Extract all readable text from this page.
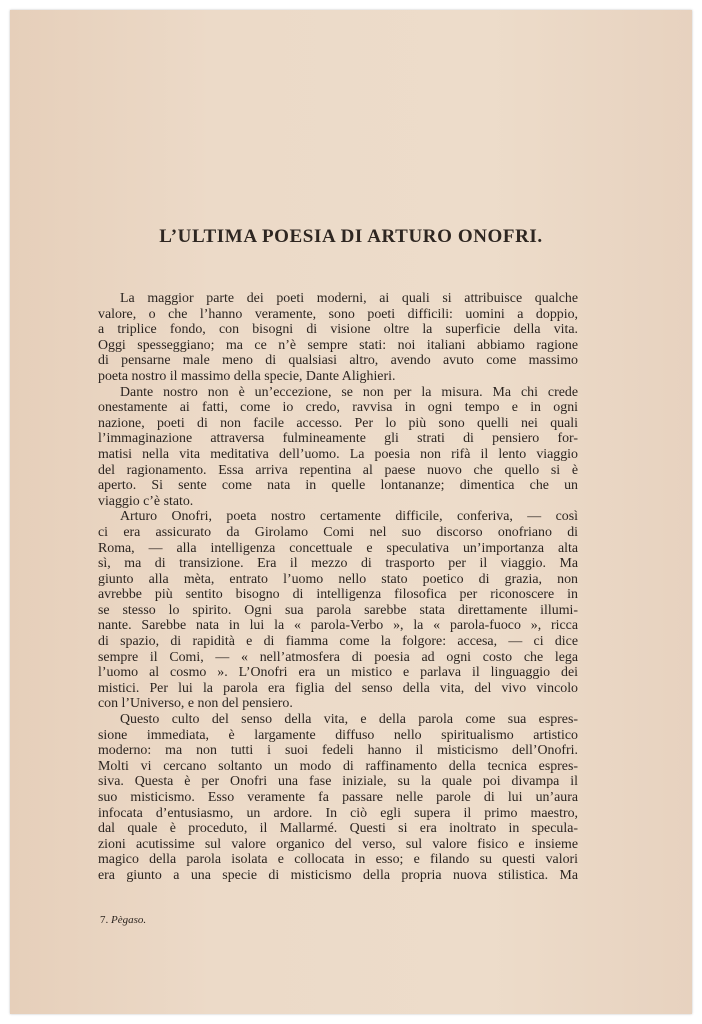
L’ULTIMA POESIA DI ARTURO ONOFRI.
La maggior parte dei poeti moderni, ai quali si attribuisce qualche
valore, o che l’hanno veramente, sono poeti difficili: uomini a doppio,
a triplice fondo, con bisogni di visione oltre la superficie della vita.
Oggi spesseggiano; ma ce n’è sempre stati: noi italiani abbiamo ragione
di pensarne male meno di qualsiasi altro, avendo avuto come massimo
poeta nostro il massimo della specie, Dante Alighieri.
Dante nostro non è un’eccezione, se non per la misura. Ma chi crede
onestamente ai fatti, come io credo, ravvisa in ogni tempo e in ogni
nazione, poeti di non facile accesso. Per lo più sono quelli nei quali
l’immaginazione attraversa fulmineamente gli strati di pensiero for-
matisi nella vita meditativa dell’uomo. La poesia non rifà il lento viaggio
del ragionamento. Essa arriva repentina al paese nuovo che quello si è
aperto. Si sente come nata in quelle lontananze; dimentica che un
viaggio c’è stato.
Arturo Onofri, poeta nostro certamente difficile, conferiva, — così
ci era assicurato da Girolamo Comi nel suo discorso onofriano di
Roma, — alla intelligenza concettuale e speculativa un’importanza alta
sì, ma di transizione. Era il mezzo di trasporto per il viaggio. Ma
giunto alla mèta, entrato l’uomo nello stato poetico di grazia, non
avrebbe più sentito bisogno di intelligenza filosofica per riconoscere in
se stesso lo spirito. Ogni sua parola sarebbe stata direttamente illumi-
nante. Sarebbe nata in lui la « parola-Verbo », la « parola-fuoco », ricca
di spazio, di rapidità e di fiamma come la folgore: accesa, — ci dice
sempre il Comi, — « nell’atmosfera di poesia ad ogni costo che lega
l’uomo al cosmo ». L’Onofri era un mistico e parlava il linguaggio dei
mistici. Per lui la parola era figlia del senso della vita, del vivo vincolo
con l’Universo, e non del pensiero.
Questo culto del senso della vita, e della parola come sua espres-
sione immediata, è largamente diffuso nello spiritualismo artistico
moderno: ma non tutti i suoi fedeli hanno il misticismo dell’Onofri.
Molti vi cercano soltanto un modo di raffinamento della tecnica espres-
siva. Questa è per Onofri una fase iniziale, su la quale poi divampa il
suo misticismo. Esso veramente fa passare nelle parole di lui un’aura
infocata d’entusiasmo, un ardore. In ciò egli supera il primo maestro,
dal quale è proceduto, il Mallarmé. Questi si era inoltrato in specula-
zioni acutissime sul valore organico del verso, sul valore fisico e insieme
magico della parola isolata e collocata in esso; e filando su questi valori
era giunto a una specie di misticismo della propria nuova stilistica. Ma
7. Pègaso.
